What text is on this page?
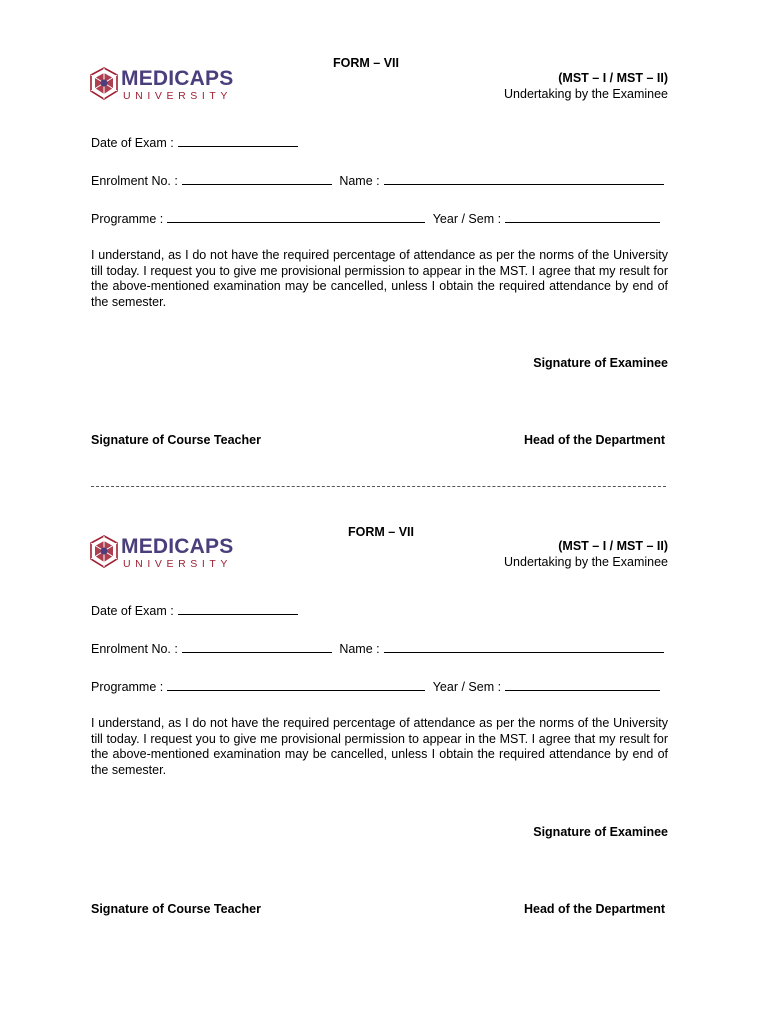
MEDICAPS
UNIVERSITY
FORM – VII
(MST – I / MST – II)
Undertaking by the Examinee
Date of Exam :
Enrolment No. :	Name :
Programme :	Year / Sem :
I understand, as I do not have the required percentage of attendance as per the norms of the University till today. I request you to give me provisional permission to appear in the MST. I agree that my result for the above-mentioned examination may be cancelled, unless I obtain the required attendance by end of the semester.
Signature of Examinee
Signature of Course Teacher	Head of the Department
MEDICAPS
UNIVERSITY
FORM – VII
(MST – I / MST – II)
Undertaking by the Examinee
Date of Exam :
Enrolment No. :	Name :
Programme :	Year / Sem :
I understand, as I do not have the required percentage of attendance as per the norms of the University till today. I request you to give me provisional permission to appear in the MST. I agree that my result for the above-mentioned examination may be cancelled, unless I obtain the required attendance by end of the semester.
Signature of Examinee
Signature of Course Teacher	Head of the Department
